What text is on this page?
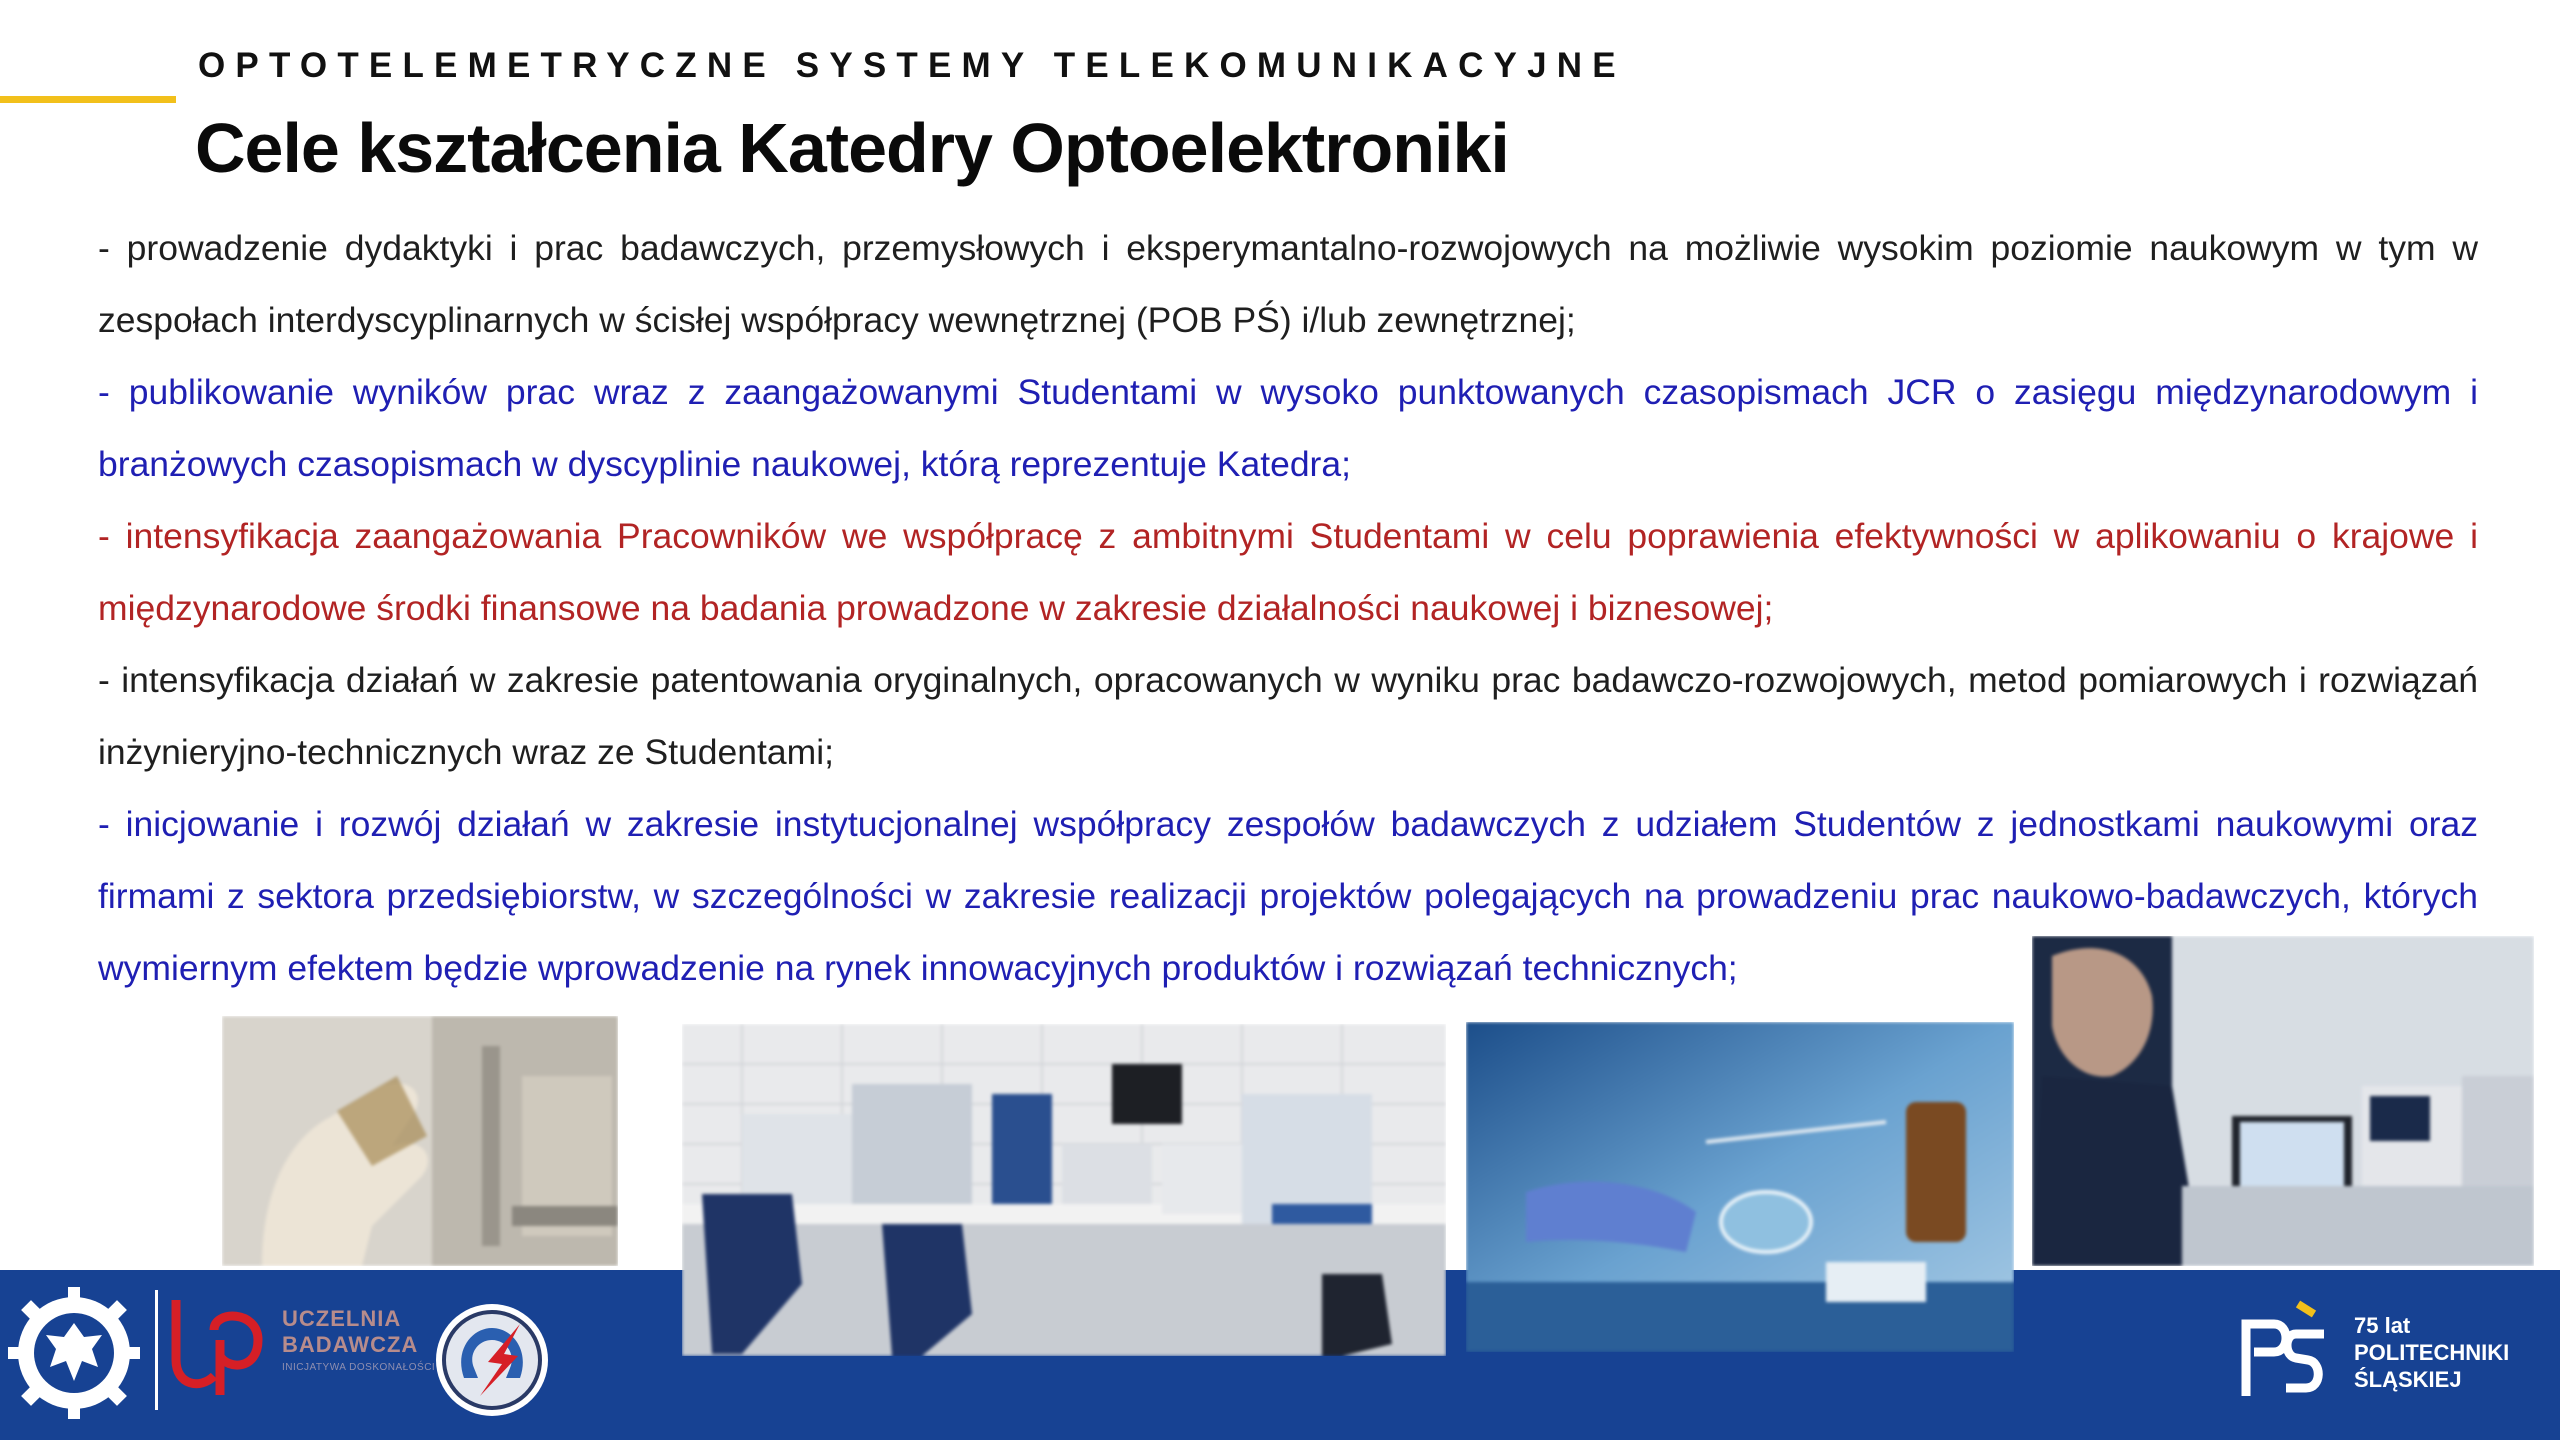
OPTOTELEMETRYCZNE SYSTEMY TELEKOMUNIKACYJNE
Cele kształcenia Katedry Optoelektroniki

- prowadzenie dydaktyki i prac badawczych, przemysłowych i eksperymantalno-rozwojowych na możliwie wysokim poziomie naukowym w tym w zespołach interdyscyplinarnych w ścisłej współpracy wewnętrznej (POB PŚ) i/lub zewnętrznej;

- publikowanie wyników prac wraz z zaangażowanymi Studentami w wysoko punktowanych czasopismach JCR o zasięgu międzynarodowym i branżowych czasopismach w dyscyplinie naukowej, którą reprezentuje Katedra;

- intensyfikacja zaangażowania Pracowników we współpracę z ambitnymi Studentami w celu poprawienia efektywności w aplikowaniu o krajowe i międzynarodowe środki finansowe na badania prowadzone w zakresie działalności naukowej i biznesowej;

- intensyfikacja działań w zakresie patentowania oryginalnych, opracowanych w wyniku prac badawczo-rozwojowych, metod pomiarowych i rozwiązań inżynieryjno-technicznych wraz ze Studentami;

- inicjowanie i rozwój działań w zakresie instytucjonalnej współpracy zespołów badawczych z udziałem Studentów z jednostkami naukowymi oraz firmami z sektora przedsiębiorstw, w szczególności w zakresie realizacji projektów polegających na prowadzeniu prac naukowo-badawczych, których wymiernym efektem będzie wprowadzenie na rynek innowacyjnych produktów i rozwiązań technicznych;

UCZELNIA
BADAWCZA
INICJATYWA DOSKONAŁOŚCI
75 lat
POLITECHNIKI
ŚLĄSKIEJ
